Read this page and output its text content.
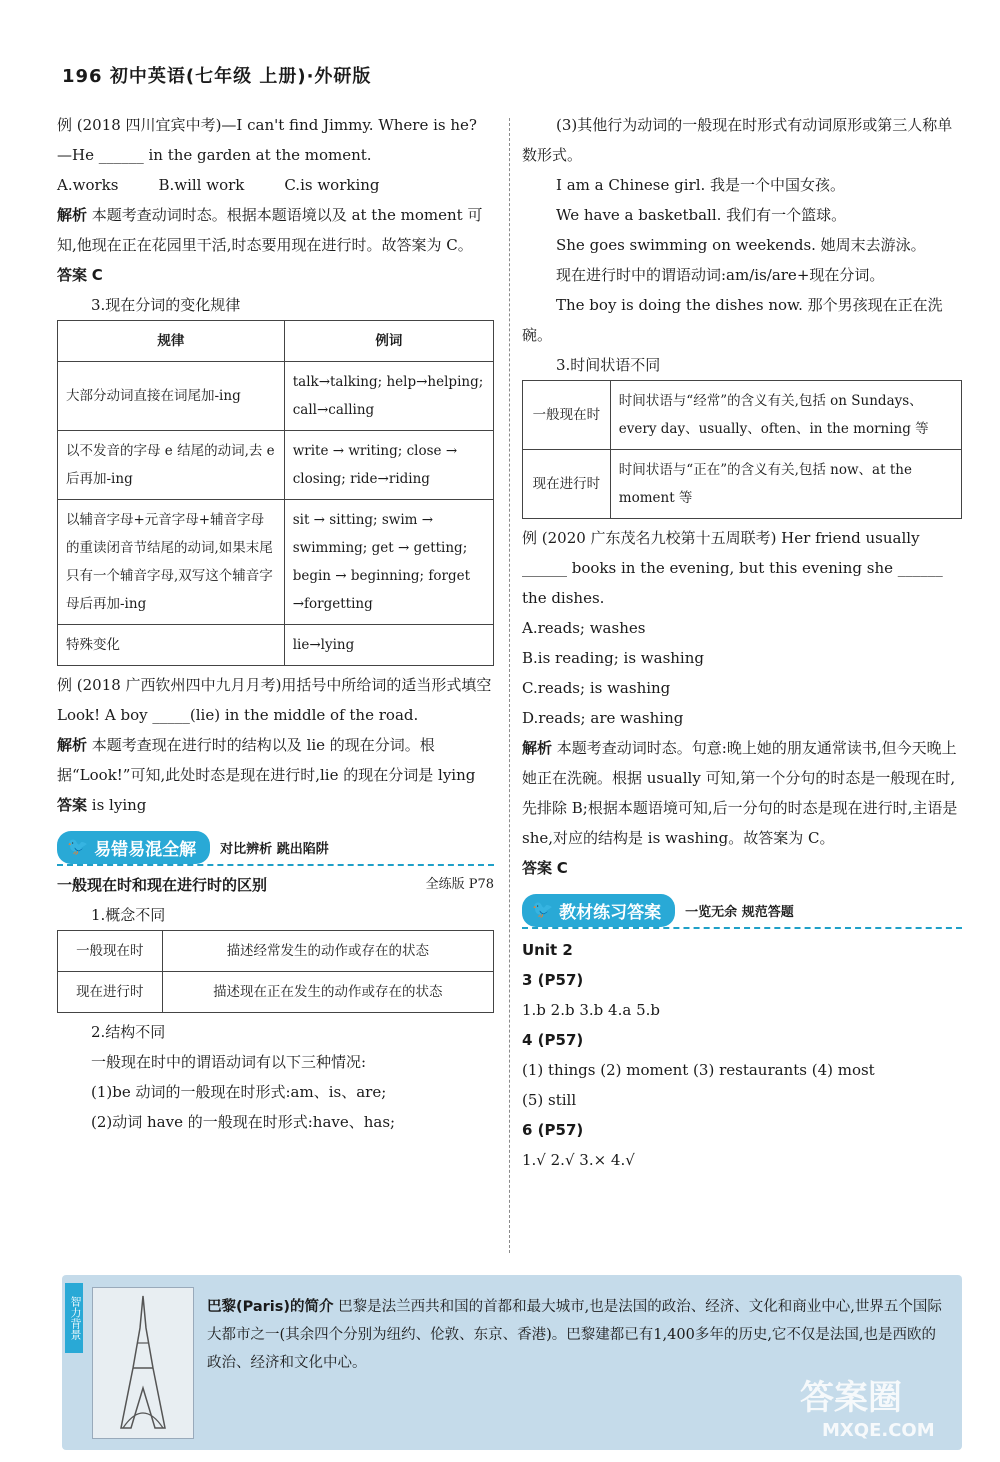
196 初中英语(七年级 上册)·外研版

例 (2018 四川宜宾中考)—I can't find Jimmy. Where is he?

—He ______ in the garden at the moment.

A.works	B.will work	C.is working

解析 本题考查动词时态。根据本题语境以及 at the moment 可知,他现在正在花园里干活,时态要用现在进行时。故答案为 C。

答案 C

3.现在分词的变化规律

规律	例词
大部分动词直接在词尾加-ing	talk→talking; help→helping; call→calling
以不发音的字母 e 结尾的动词,去 e 后再加-ing	write → writing; close → closing; ride→riding
以辅音字母+元音字母+辅音字母的重读闭音节结尾的动词,如果末尾只有一个辅音字母,双写这个辅音字母后再加-ing	sit → sitting; swim → swimming; get → getting; begin → beginning; forget →forgetting
特殊变化	lie→lying

例 (2018 广西钦州四中九月月考)用括号中所给词的适当形式填空

Look! A boy _____(lie) in the middle of the road.

解析 本题考查现在进行时的结构以及 lie 的现在分词。根据“Look!”可知,此处时态是现在进行时,lie 的现在分词是 lying

答案 is lying

🐦 易错易混全解 对比辨析 跳出陷阱
一般现在时和现在进行时的区别	全练版 P78

1.概念不同

一般现在时	描述经常发生的动作或存在的状态
现在进行时	描述现在正在发生的动作或存在的状态

2.结构不同

一般现在时中的谓语动词有以下三种情况:

(1)be 动词的一般现在时形式:am、is、are;

(2)动词 have 的一般现在时形式:have、has;

(3)其他行为动词的一般现在时形式有动词原形或第三人称单数形式。

I am a Chinese girl. 我是一个中国女孩。

We have a basketball. 我们有一个篮球。

She goes swimming on weekends. 她周末去游泳。

现在进行时中的谓语动词:am/is/are+现在分词。

The boy is doing the dishes now. 那个男孩现在正在洗碗。

3.时间状语不同

一般现在时	时间状语与“经常”的含义有关,包括 on Sundays、every day、usually、often、in the morning 等
现在进行时	时间状语与“正在”的含义有关,包括 now、at the moment 等

例 (2020 广东茂名九校第十五周联考) Her friend usually ______ books in the evening, but this evening she ______ the dishes.

A.reads; washes

B.is reading; is washing

C.reads; is washing

D.reads; are washing

解析 本题考查动词时态。句意:晚上她的朋友通常读书,但今天晚上她正在洗碗。根据 usually 可知,第一个分句的时态是一般现在时,先排除 B;根据本题语境可知,后一分句的时态是现在进行时,主语是 she,对应的结构是 is washing。故答案为 C。

答案 C

🐦 教材练习答案 一览无余 规范答题

Unit 2

3 (P57)

1.b 2.b 3.b 4.a 5.b

4 (P57)

(1) things (2) moment (3) restaurants (4) most

(5) still

6 (P57)

1.√ 2.√ 3.× 4.√

智力背景	巴黎(Paris)的简介 巴黎是法兰西共和国的首都和最大城市,也是法国的政治、经济、文化和商业中心,世界五个国际大都市之一(其余四个分别为纽约、伦敦、东京、香港)。巴黎建都已有1,400多年的历史,它不仅是法国,也是西欧的政治、经济和文化中心。
答案圈
MXQE.COM
